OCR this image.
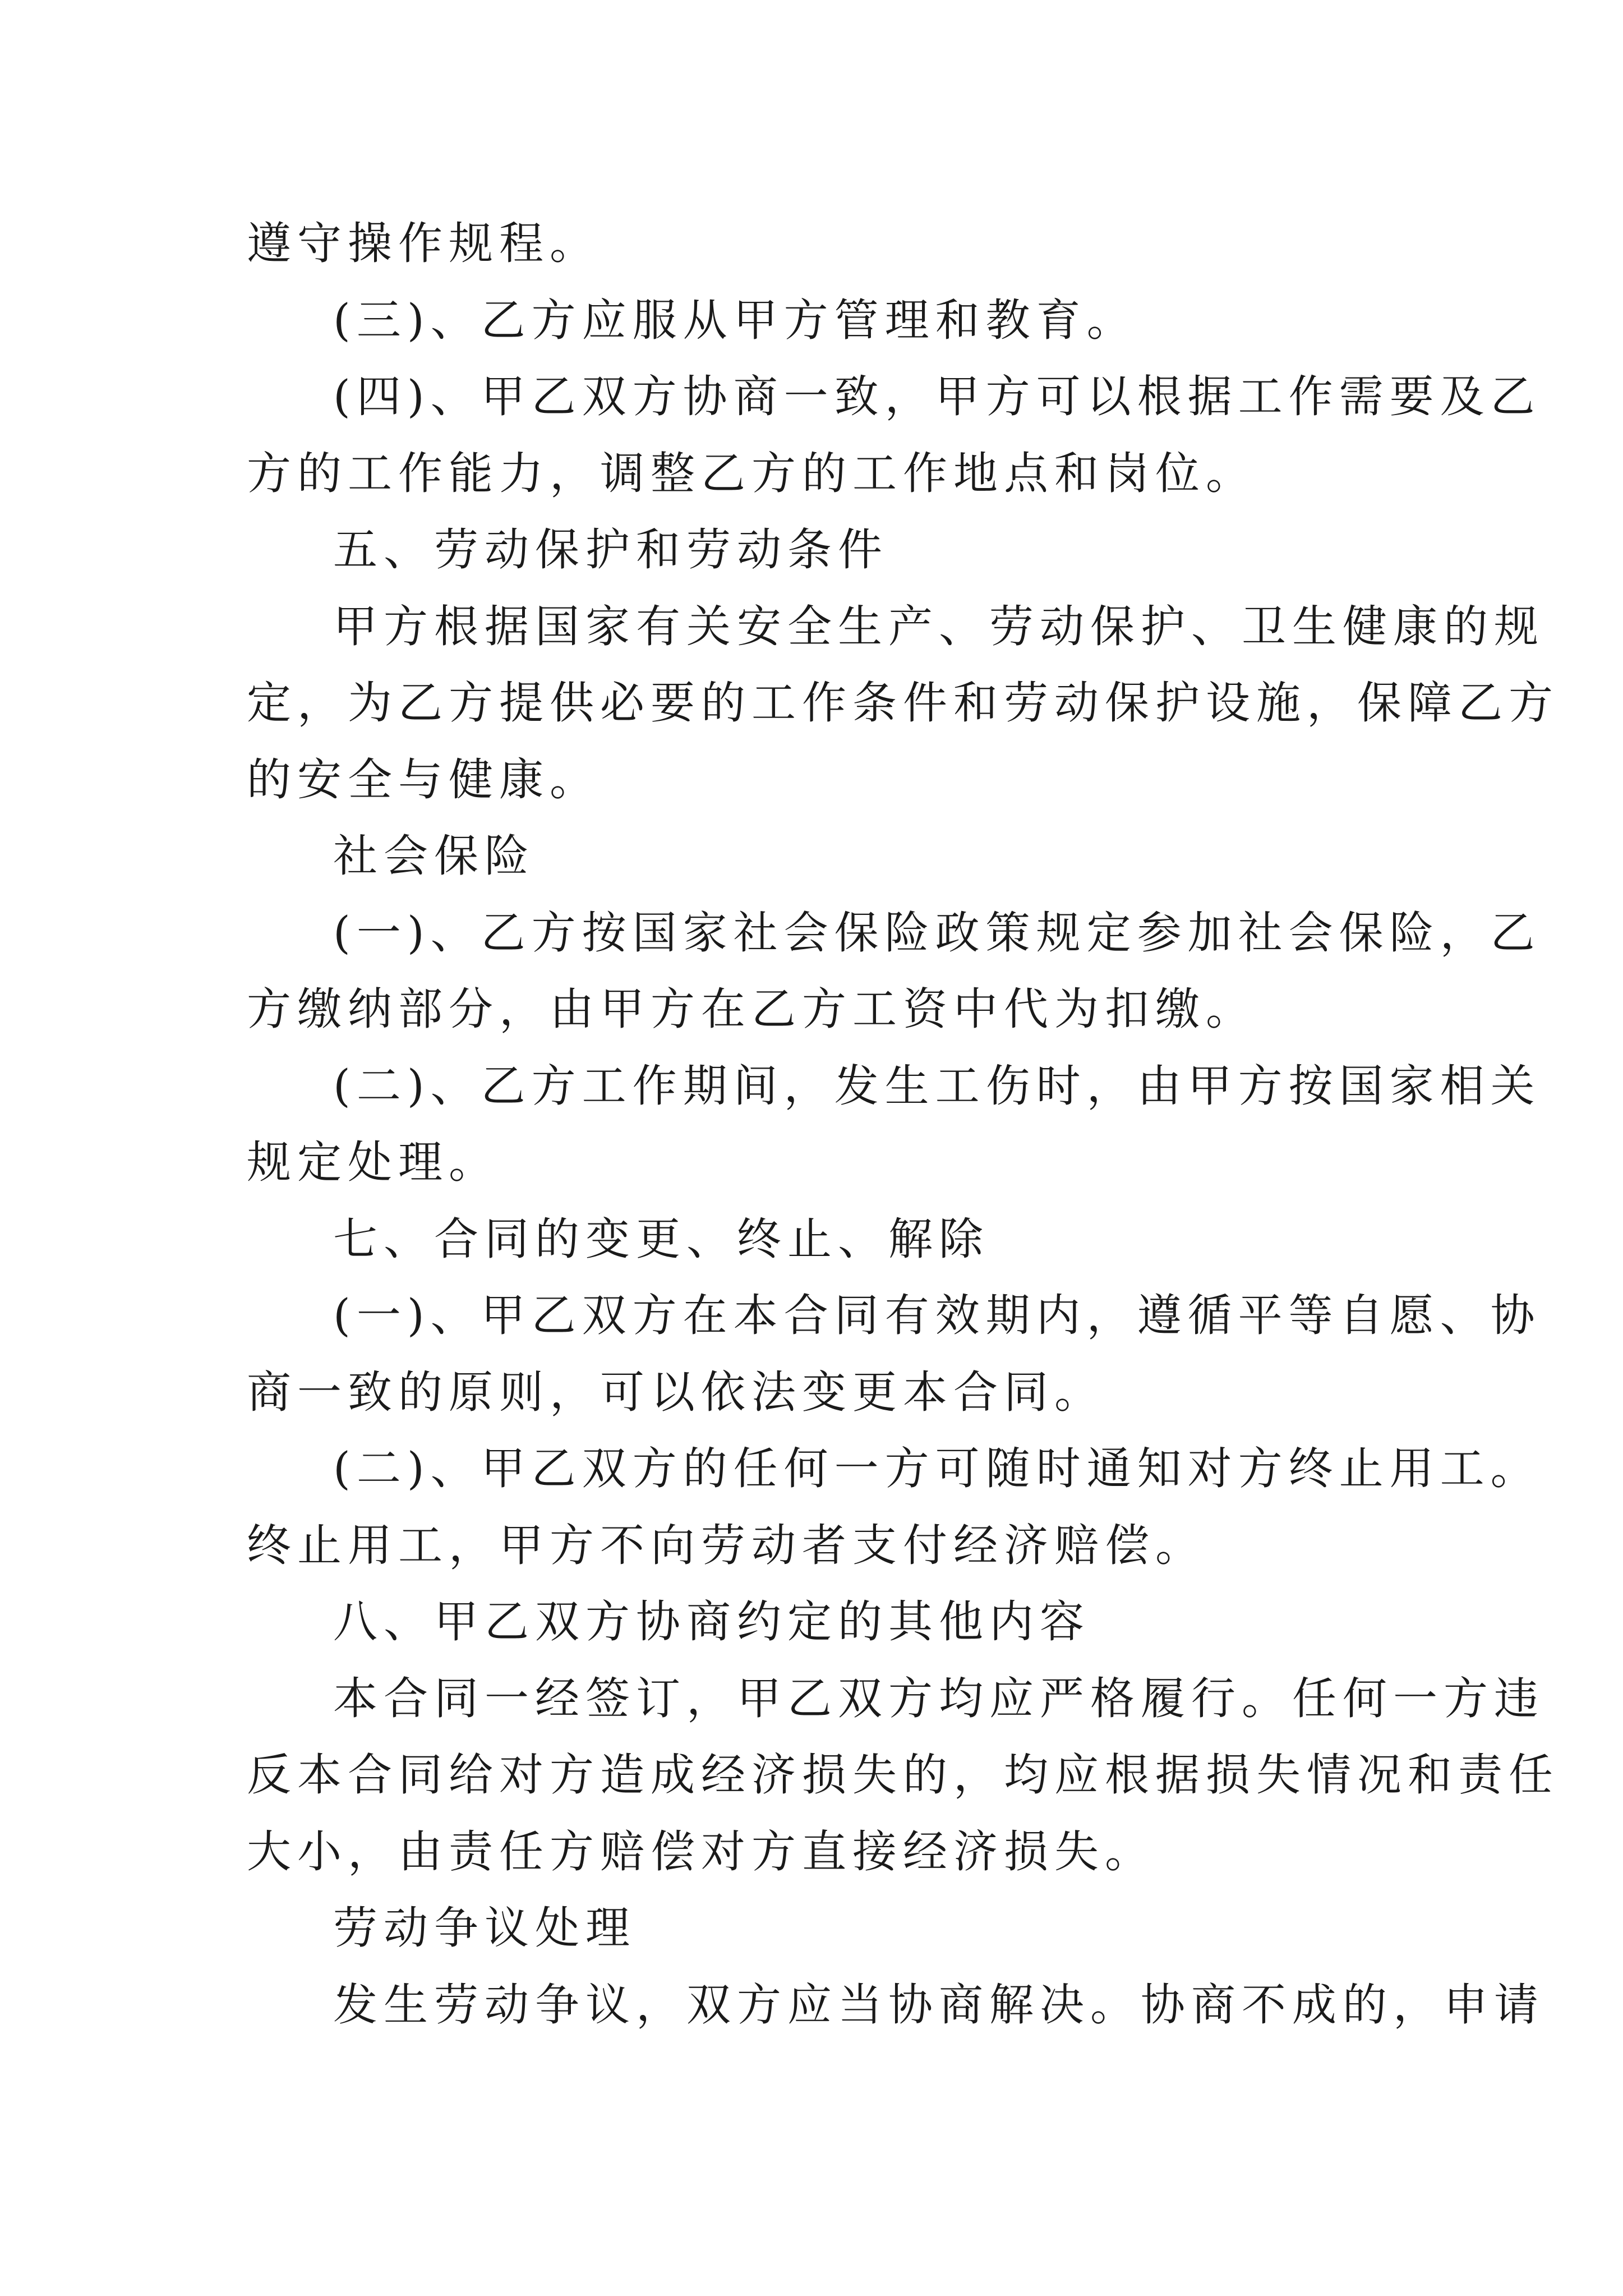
遵守操作规程。
(三)、乙方应服从甲方管理和教育。
(四)、甲乙双方协商一致，甲方可以根据工作需要及乙
方的工作能力，调整乙方的工作地点和岗位。
五、劳动保护和劳动条件
甲方根据国家有关安全生产、劳动保护、卫生健康的规
定，为乙方提供必要的工作条件和劳动保护设施，保障乙方
的安全与健康。
社会保险
(一)、乙方按国家社会保险政策规定参加社会保险，乙
方缴纳部分，由甲方在乙方工资中代为扣缴。
(二)、乙方工作期间，发生工伤时，由甲方按国家相关
规定处理。
七、合同的变更、终止、解除
(一)、甲乙双方在本合同有效期内，遵循平等自愿、协
商一致的原则，可以依法变更本合同。
(二)、甲乙双方的任何一方可随时通知对方终止用工。
终止用工，甲方不向劳动者支付经济赔偿。
八、甲乙双方协商约定的其他内容
本合同一经签订，甲乙双方均应严格履行。任何一方违
反本合同给对方造成经济损失的，均应根据损失情况和责任
大小，由责任方赔偿对方直接经济损失。
劳动争议处理
发生劳动争议，双方应当协商解决。协商不成的，申请
